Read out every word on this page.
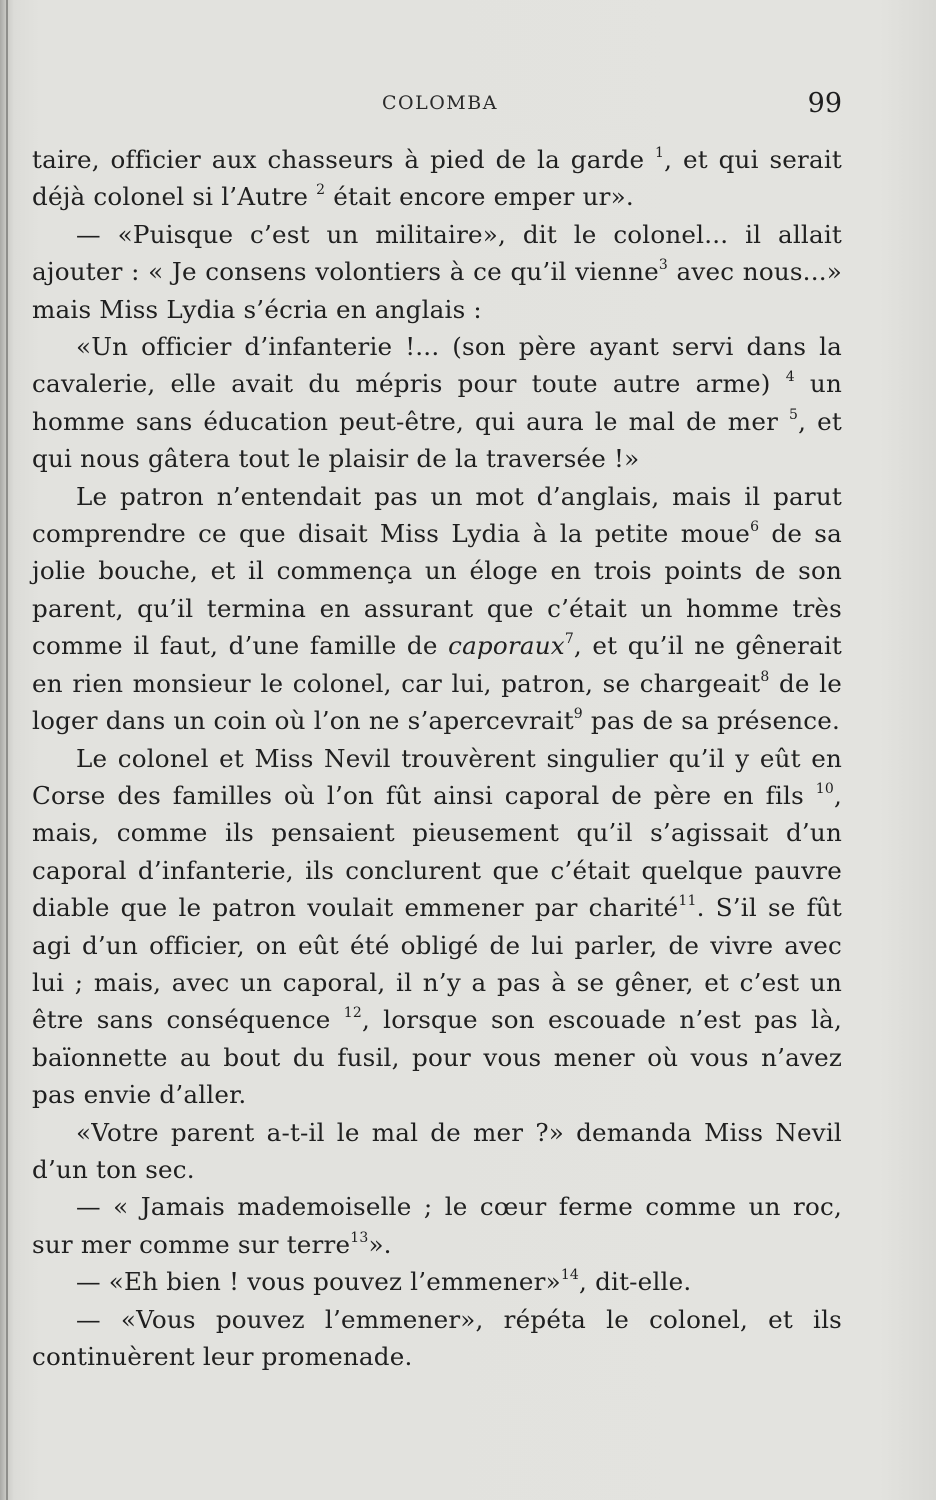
COLOMBA	99

taire, officier aux chasseurs à pied de la garde $^1$, et qui serait déjà colonel si l’Autre $^2$ était encore emper ur».

— «Puisque c’est un militaire», dit le colonel... il allait ajouter : « Je consens volontiers à ce qu’il vienne$^3$ avec nous...» mais Miss Lydia s’écria en anglais :

«Un officier d’infanterie !... (son père ayant servi dans la cavalerie, elle avait du mépris pour toute autre arme) $^4$ un homme sans éducation peut-être, qui aura le mal de mer $^5$, et qui nous gâtera tout le plaisir de la traversée !»

Le patron n’entendait pas un mot d’anglais, mais il parut comprendre ce que disait Miss Lydia à la petite moue$^6$ de sa jolie bouche, et il commença un éloge en trois points de son parent, qu’il termina en assurant que c’était un homme très comme il faut, d’une famille de caporaux$^7$, et qu’il ne gênerait en rien monsieur le colonel, car lui, patron, se chargeait$^8$ de le loger dans un coin où l’on ne s’apercevrait$^9$ pas de sa présence.

Le colonel et Miss Nevil trouvèrent singulier qu’il y eût en Corse des familles où l’on fût ainsi caporal de père en fils $^{10}$, mais, comme ils pensaient pieusement qu’il s’agissait d’un caporal d’infanterie, ils conclurent que c’était quelque pauvre diable que le patron voulait emmener par charité$^{11}$. S’il se fût agi d’un officier, on eût été obligé de lui parler, de vivre avec lui ; mais, avec un caporal, il n’y a pas à se gêner, et c’est un être sans conséquence $^{12}$, lorsque son escouade n’est pas là, baïonnette au bout du fusil, pour vous mener où vous n’avez pas envie d’aller.

«Votre parent a-t-il le mal de mer ?» demanda Miss Nevil d’un ton sec.

— « Jamais mademoiselle ; le cœur ferme comme un roc, sur mer comme sur terre$^{13}$».

— «Eh bien ! vous pouvez l’emmener»$^{14}$, dit-elle.

— «Vous pouvez l’emmener», répéta le colonel, et ils continuèrent leur promenade.
